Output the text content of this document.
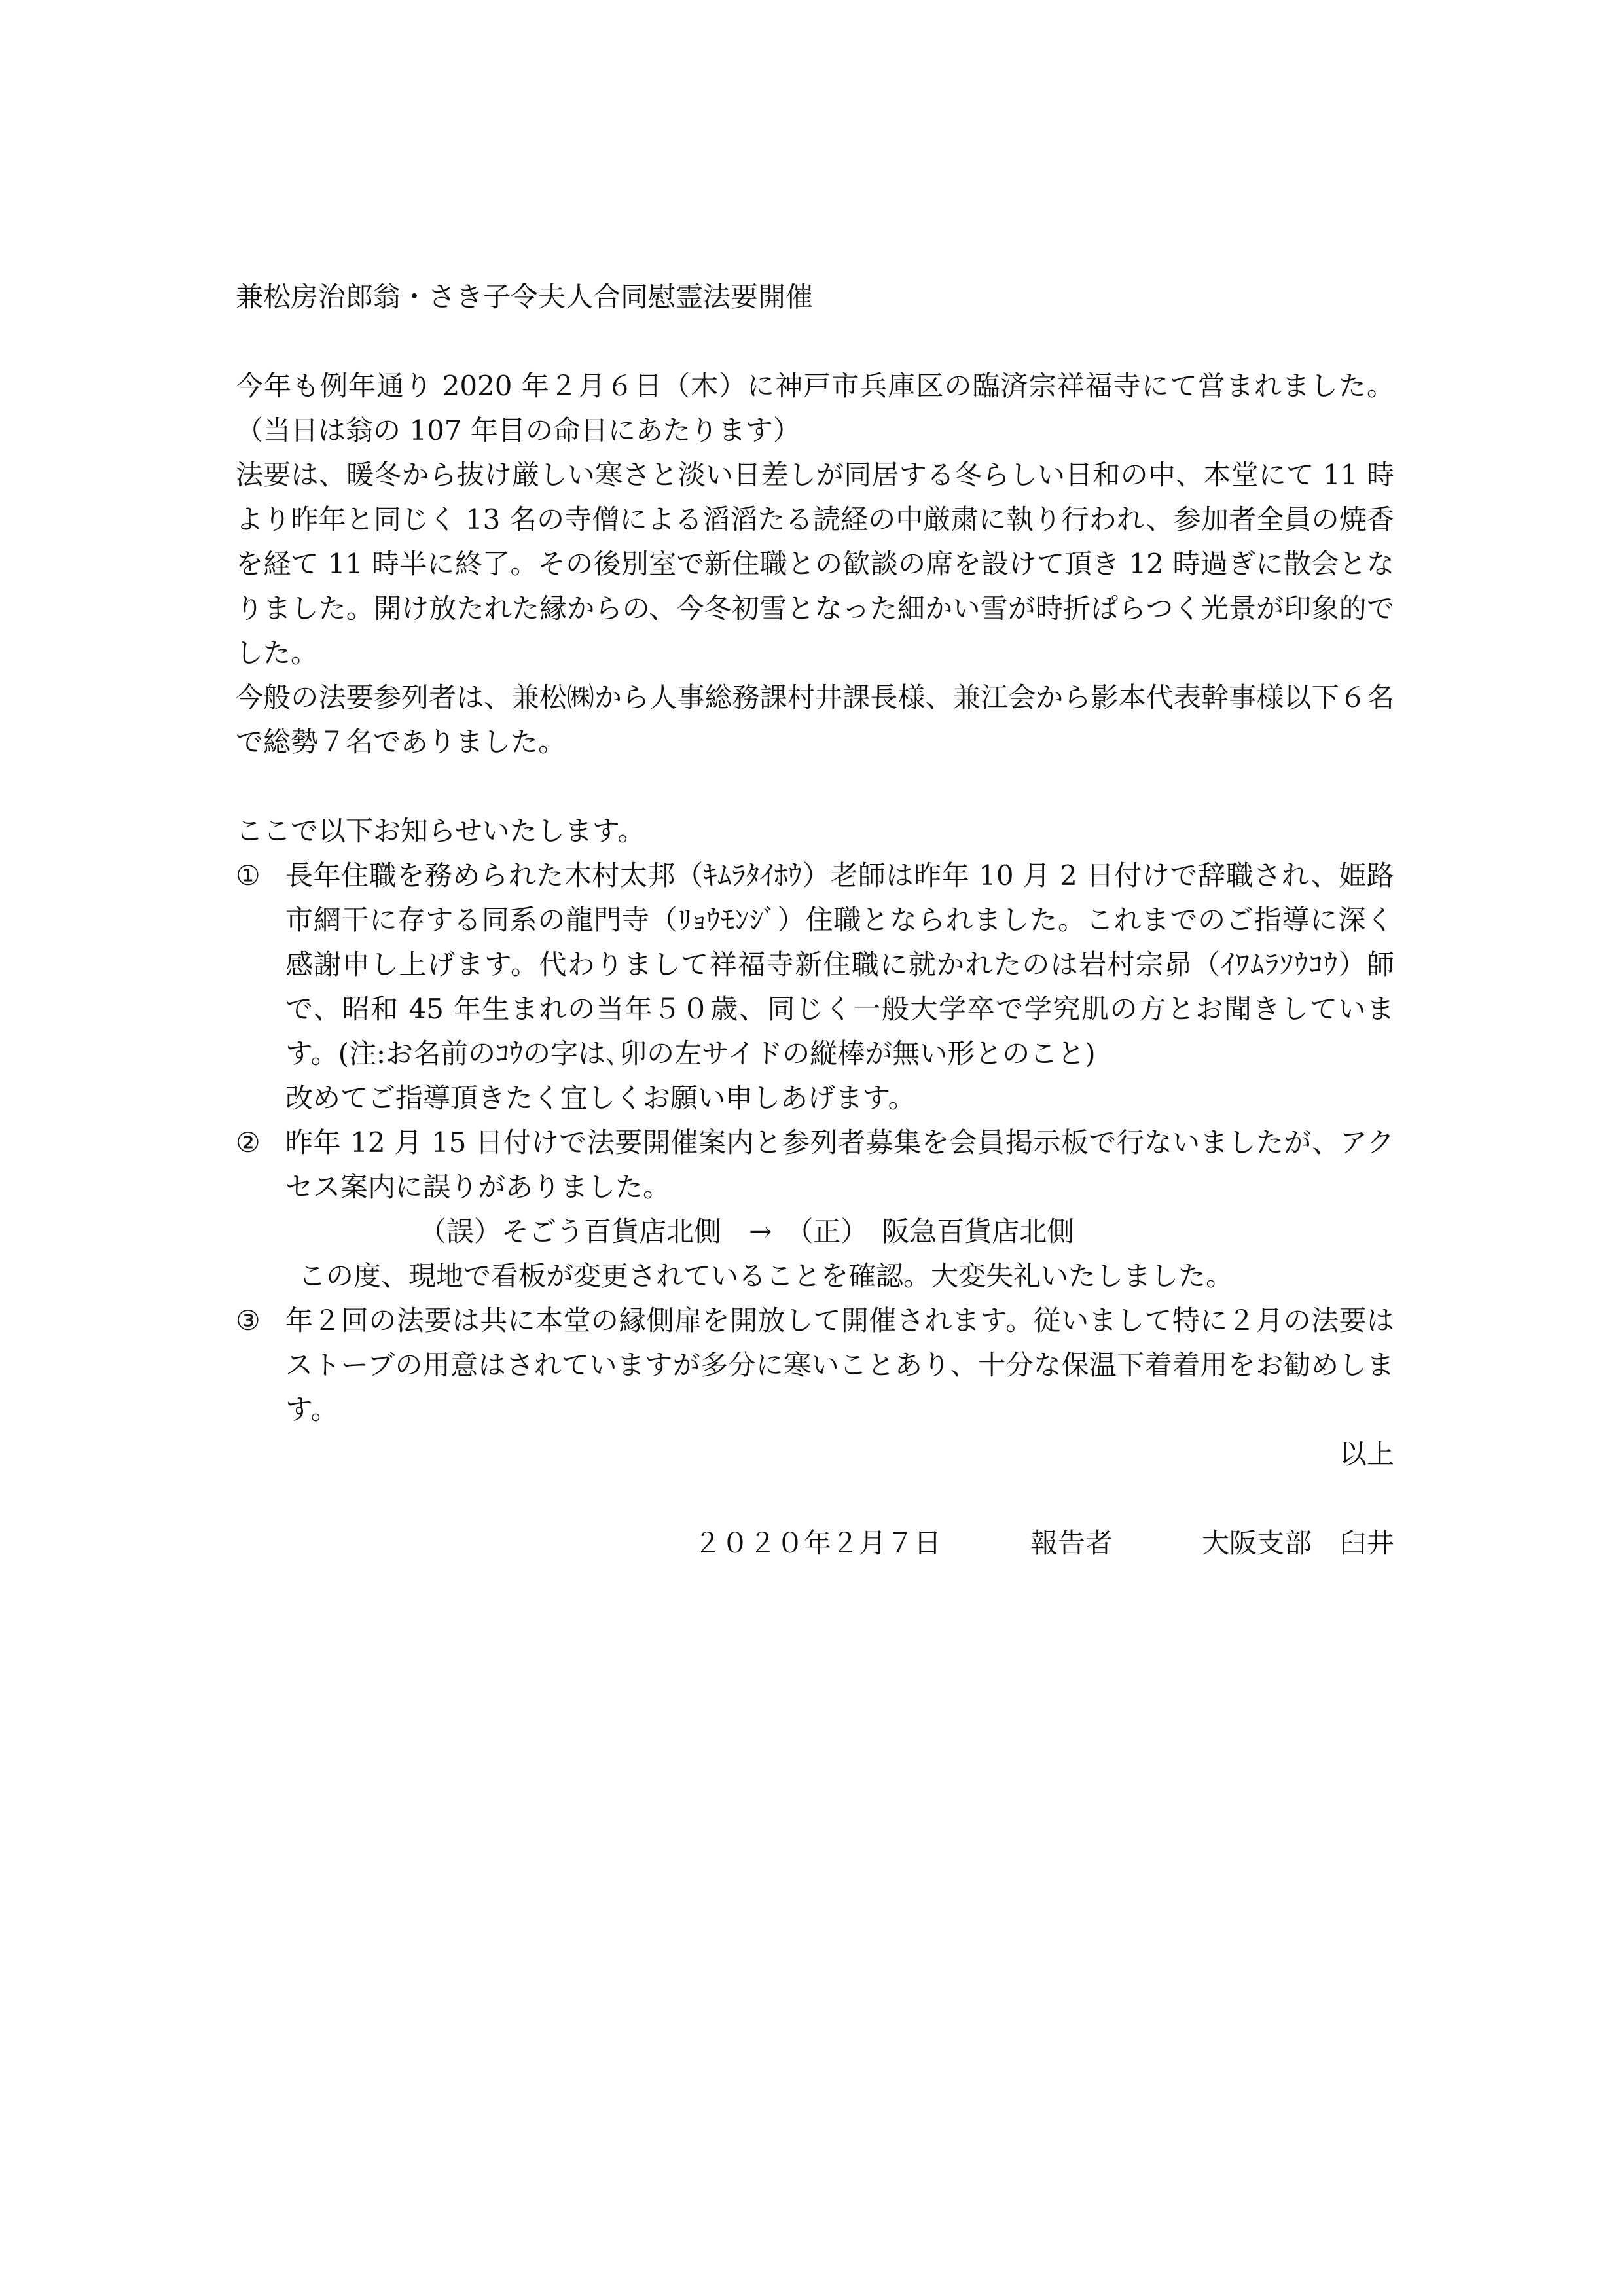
兼松房治郎翁・さき子令夫人合同慰霊法要開催

今年も例年通り 2020 年２月６日（木）に神戸市兵庫区の臨済宗祥福寺にて営まれました。（当日は翁の 107 年目の命日にあたります）

法要は、暖冬から抜け厳しい寒さと淡い日差しが同居する冬らしい日和の中、本堂にて 11 時より昨年と同じく 13 名の寺僧による滔滔たる読経の中厳粛に執り行われ、参加者全員の焼香を経て 11 時半に終了。その後別室で新住職との歓談の席を設けて頂き 12 時過ぎに散会となりました。開け放たれた縁からの、今冬初雪となった細かい雪が時折ぱらつく光景が印象的でした。

今般の法要参列者は、兼松㈱から人事総務課村井課長様、兼江会から影本代表幹事様以下６名で総勢７名でありました。

ここで以下お知らせいたします。

① 長年住職を務められた木村太邦（ｷﾑﾗﾀｲﾎｳ）老師は昨年 10 月 2 日付けで辞職され、姫路市網干に存する同系の龍門寺（ﾘｮｳﾓﾝｼﾞ）住職となられました。これまでのご指導に深く感謝申し上げます。代わりまして祥福寺新住職に就かれたのは岩村宗昴（ｲﾜﾑﾗｿｳｺｳ）師で、昭和 45 年生まれの当年５０歳、同じく一般大学卒で学究肌の方とお聞きしています。(注:お名前のｺｳの字は､卯の左サイドの縦棒が無い形とのこと)

改めてご指導頂きたく宜しくお願い申しあげます。

② 昨年 12 月 15 日付けで法要開催案内と参列者募集を会員掲示板で行ないましたが、アクセス案内に誤りがありました。

（誤）そごう百貨店北側　→　（正）　阪急百貨店北側

この度、現地で看板が変更されていることを確認。大変失礼いたしました。

③ 年２回の法要は共に本堂の縁側扉を開放して開催されます。従いまして特に２月の法要はストーブの用意はされていますが多分に寒いことあり、十分な保温下着着用をお勧めします。

以上

２０２０年２月７日	報告者	大阪支部　臼井
